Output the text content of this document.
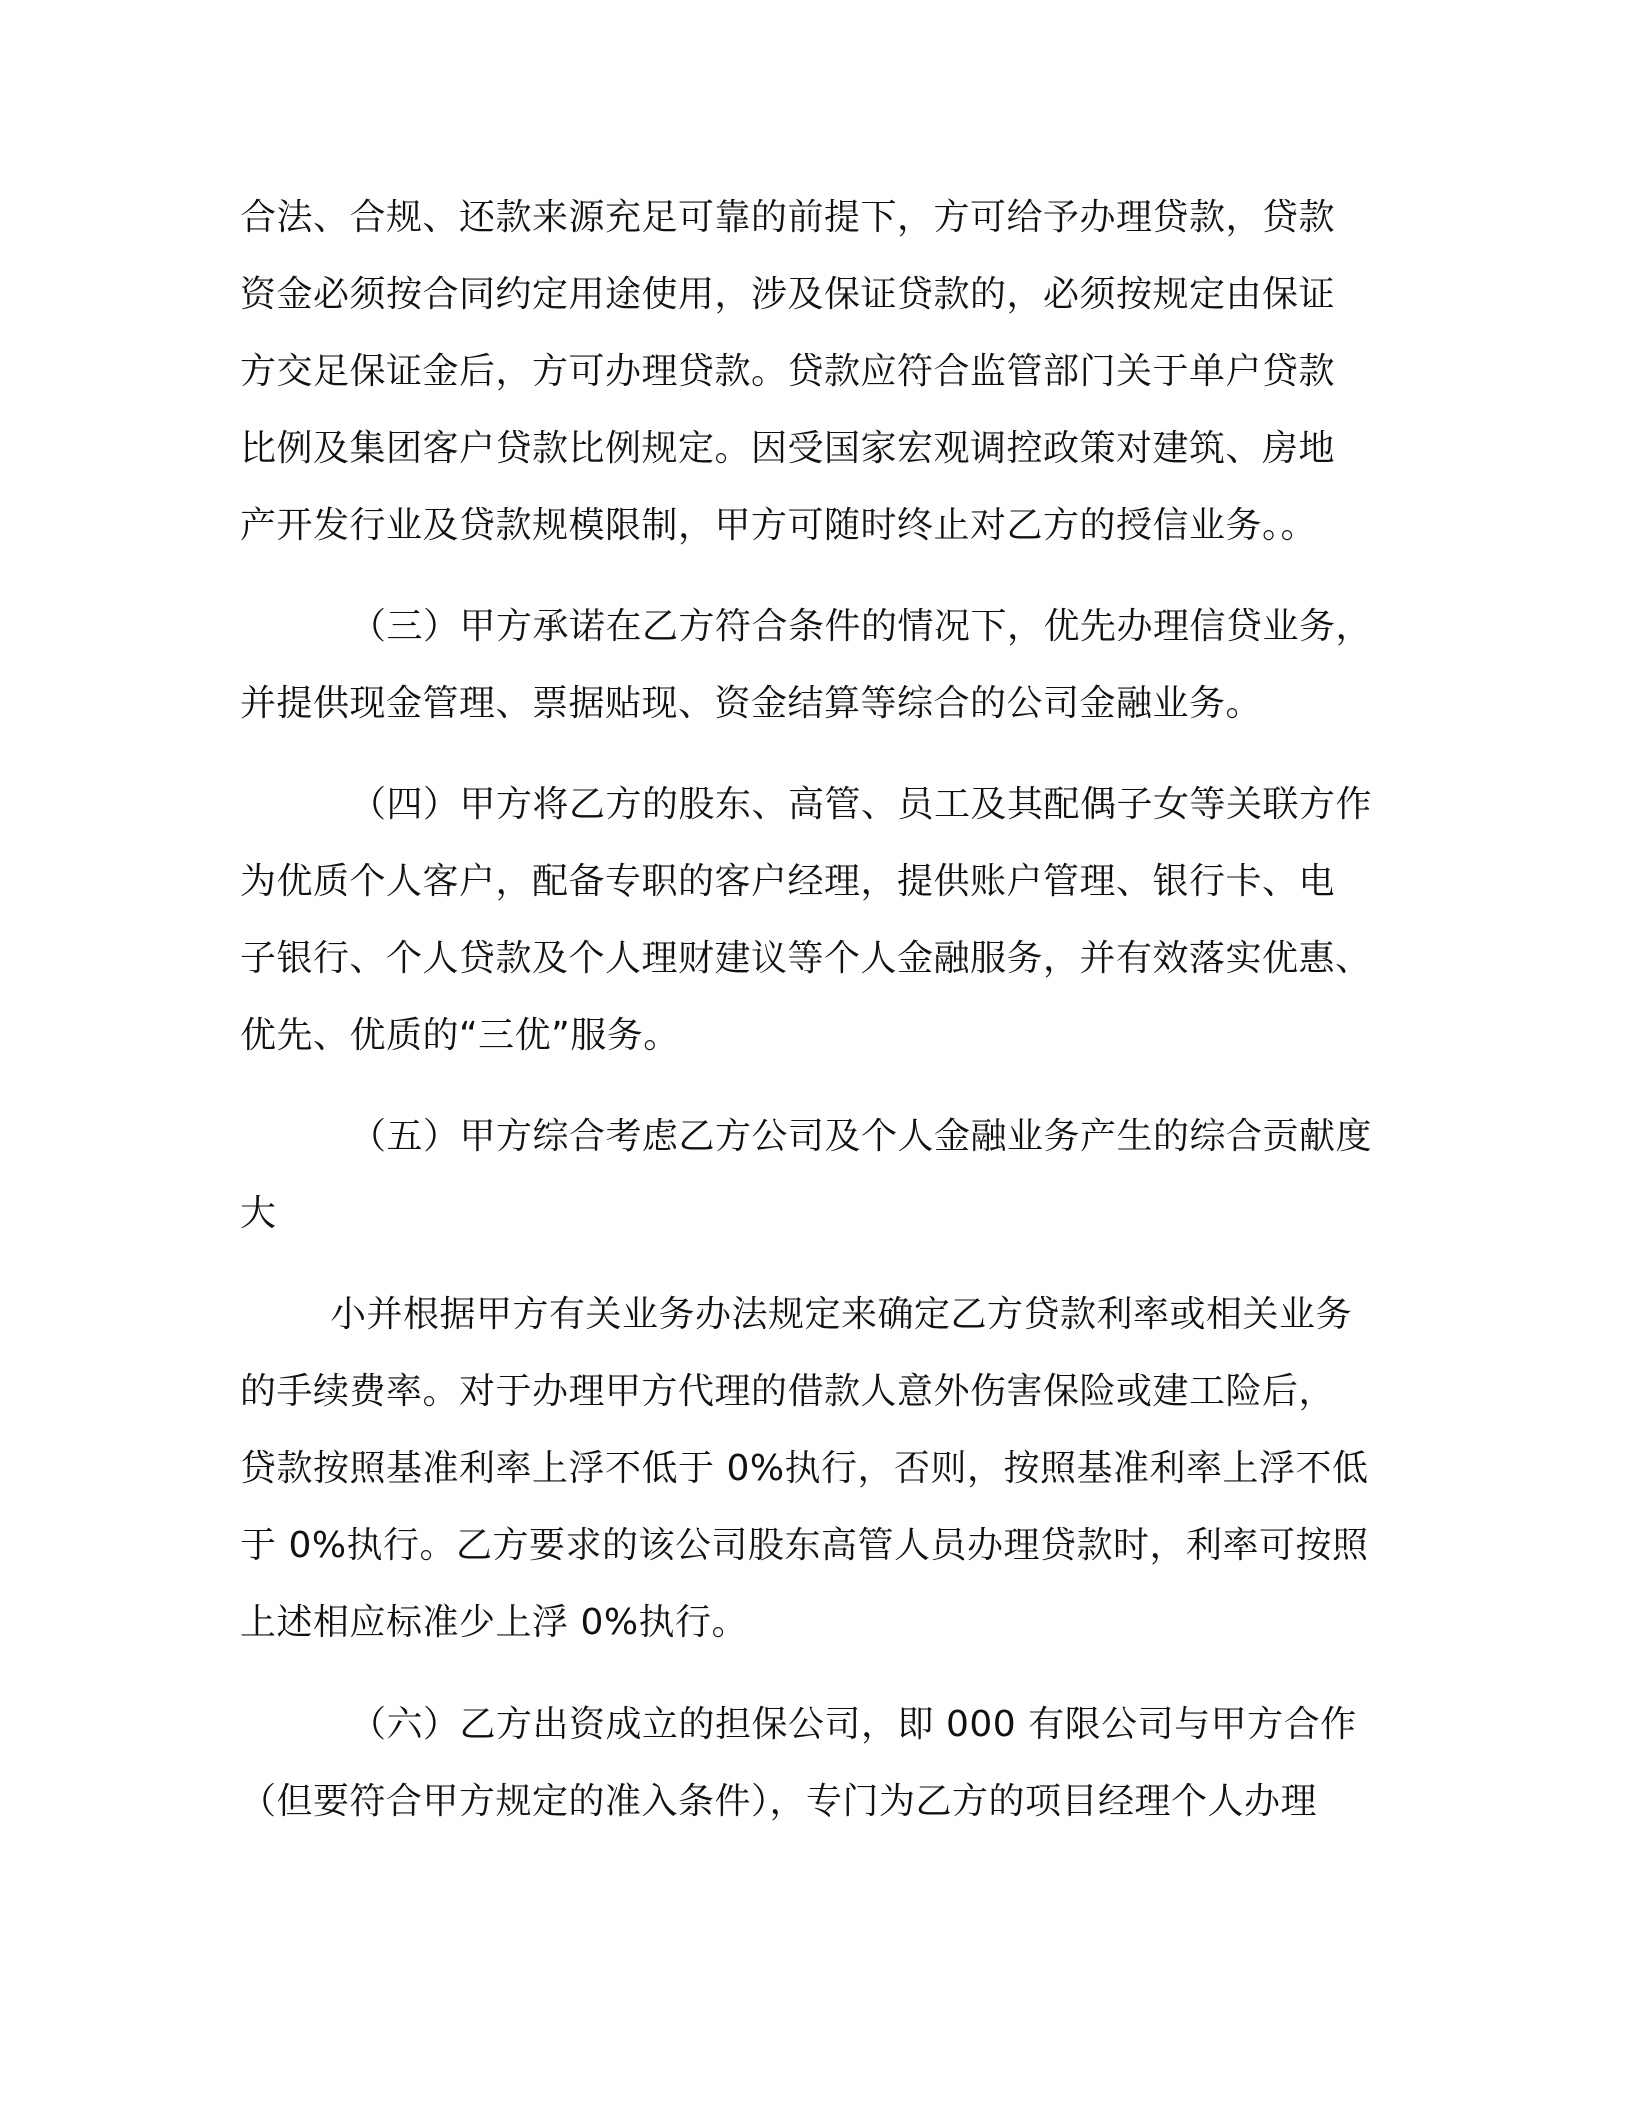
合法、合规、还款来源充足可靠的前提下，方可给予办理贷款，贷款
资金必须按合同约定用途使用，涉及保证贷款的，必须按规定由保证
方交足保证金后，方可办理贷款。贷款应符合监管部门关于单户贷款
比例及集团客户贷款比例规定。因受国家宏观调控政策对建筑、房地
产开发行业及贷款规模限制，甲方可随时终止对乙方的授信业务。。
（三）甲方承诺在乙方符合条件的情况下，优先办理信贷业务，
并提供现金管理、票据贴现、资金结算等综合的公司金融业务。
（四）甲方将乙方的股东、高管、员工及其配偶子女等关联方作
为优质个人客户，配备专职的客户经理，提供账户管理、银行卡、电
子银行、个人贷款及个人理财建议等个人金融服务，并有效落实优惠、
优先、优质的“三优”服务。
（五）甲方综合考虑乙方公司及个人金融业务产生的综合贡献度
大
小并根据甲方有关业务办法规定来确定乙方贷款利率或相关业务
的手续费率。对于办理甲方代理的借款人意外伤害保险或建工险后，
贷款按照基准利率上浮不低于 0%执行，否则，按照基准利率上浮不低
于 0%执行。乙方要求的该公司股东高管人员办理贷款时，利率可按照
上述相应标准少上浮 0%执行。
（六）乙方出资成立的担保公司，即 000 有限公司与甲方合作
（但要符合甲方规定的准入条件），专门为乙方的项目经理个人办理
